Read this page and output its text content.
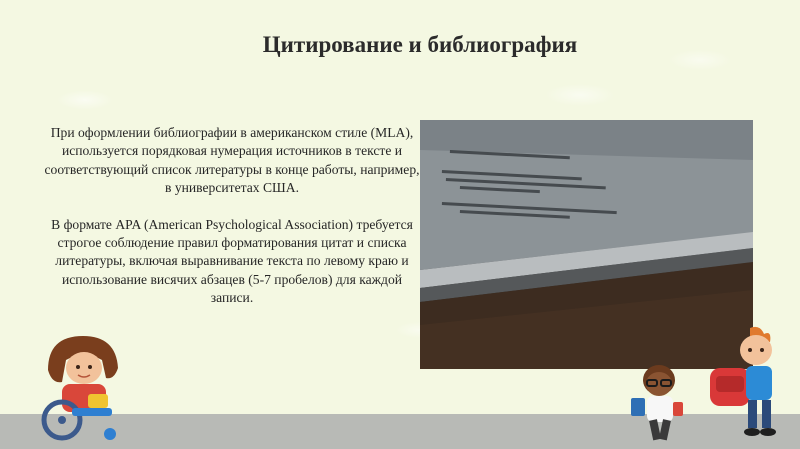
Цитирование и библиография

При оформлении библиографии в американском стиле (MLA), используется порядковая нумерация источников в тексте и соответствующий список литературы в конце работы, например, в университетах США.

В формате APA (American Psychological Association) требуется строгое соблюдение правил форматирования цитат и списка литературы, включая выравнивание текста по левому краю и использование висячих абзацев (5-7 пробелов) для каждой записи.
